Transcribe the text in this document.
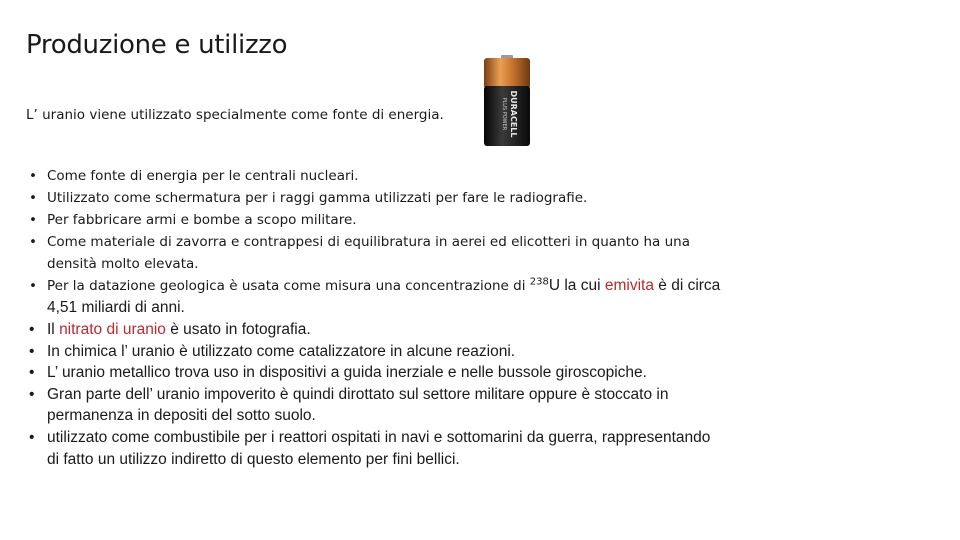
Produzione e utilizzo
L’ uranio viene utilizzato specialmente come fonte di energia.	DURACELL
PLUS POWER
• Come fonte di energia per le centrali nucleari.
• Utilizzato come schermatura per i raggi gamma utilizzati per fare le radiografie.
• Per fabbricare armi e bombe a scopo militare.
• Come materiale di zavorra e contrappesi di equilibratura in aerei ed elicotteri in quanto ha una densità molto elevata.
• Per la datazione geologica è usata come misura una concentrazione di $^{238}$U la cui emivita è di circa 4,51 miliardi di anni.
• Il nitrato di uranio è usato in fotografia.
• In chimica l’ uranio è utilizzato come catalizzatore in alcune reazioni.
• L’ uranio metallico trova uso in dispositivi a guida inerziale e nelle bussole giroscopiche.
• Gran parte dell’ uranio impoverito è quindi dirottato sul settore militare oppure è stoccato in permanenza in depositi del sotto suolo.
• utilizzato come combustibile per i reattori ospitati in navi e sottomarini da guerra, rappresentando di fatto un utilizzo indiretto di questo elemento per fini bellici.
